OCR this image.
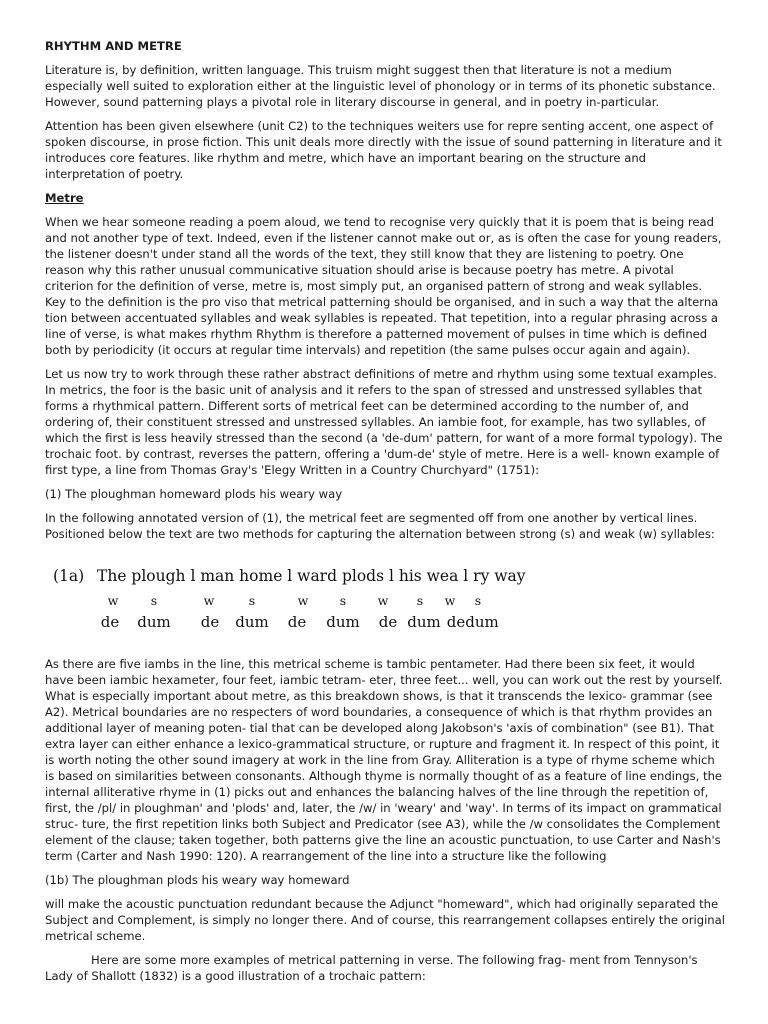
RHYTHM AND METRE

Literature is, by definition, written language. This truism might suggest then that literature is not a medium especially well suited to exploration either at the linguistic level of phonology or in terms of its phonetic substance. However, sound patterning plays a pivotal role in literary discourse in general, and in poetry in-particular.

Attention has been given elsewhere (unit C2) to the techniques weiters use for repre senting accent, one aspect of spoken discourse, in prose fiction. This unit deals more directly with the issue of sound patterning in literature and it introduces core features. like rhythm and metre, which have an important bearing on the structure and interpretation of poetry.

Metre

When we hear someone reading a poem aloud, we tend to recognise very quickly that it is poem that is being read and not another type of text. Indeed, even if the listener cannot make out or, as is often the case for young readers, the listener doesn't under stand all the words of the text, they still know that they are listening to poetry. One reason why this rather unusual communicative situation should arise is because poetry has metre. A pivotal criterion for the definition of verse, metre is, most simply put, an organised pattern of strong and weak syllables. Key to the definition is the pro viso that metrical patterning should be organised, and in such a way that the alterna tion between accentuated syllables and weak syllables is repeated. That tepetition, into a regular phrasing across a line of verse, is what makes rhythm Rhythm is therefore a patterned movement of pulses in time which is defined both by periodicity (it occurs at regular time intervals) and repetition (the same pulses occur again and again).

Let us now try to work through these rather abstract definitions of metre and rhythm using some textual examples. In metrics, the foor is the basic unit of analysis and it refers to the span of stressed and unstressed syllables that forms a rhythmical pattern. Different sorts of metrical feet can be determined according to the number of, and ordering of, their constituent stressed and unstressed syllables. An iambie foot, for example, has two syllables, of which the first is less heavily stressed than the second (a 'de-dum' pattern, for want of a more formal typology). The trochaic foot. by contrast, reverses the pattern, offering a 'dum-de' style of metre. Here is a well- known example of first type, a line from Thomas Gray's 'Elegy Written in a Country Churchyard" (1751):

(1) The ploughman homeward plods his weary way

In the following annotated version of (1), the metrical feet are segmented off from one another by vertical lines. Positioned below the text are two methods for capturing the alternation between strong (s) and weak (w) syllables:

(1a) The plough l man home l ward plods l his wea l ry way
w	s	w	s	w	s	w s w s
de dum de dum de dum de dum de dum

As there are five iambs in the line, this metrical scheme is tambic pentameter. Had there been six feet, it would have been iambic hexameter, four feet, iambic tetram- eter, three feet... well, you can work out the rest by yourself. What is especially important about metre, as this breakdown shows, is that it transcends the lexico- grammar (see A2). Metrical boundaries are no respecters of word boundaries, a consequence of which is that rhythm provides an additional layer of meaning poten- tial that can be developed along Jakobson's 'axis of combination" (see B1). That extra layer can either enhance a lexico-grammatical structure, or rupture and fragment it. In respect of this point, it is worth noting the other sound imagery at work in the line from Gray. Alliteration is a type of rhyme scheme which is based on similarities between consonants. Although thyme is normally thought of as a feature of line endings, the internal alliterative rhyme in (1) picks out and enhances the balancing halves of the line through the repetition of, first, the /pl/ in ploughman' and 'plods' and, later, the /w/ in 'weary' and 'way'. In terms of its impact on grammatical struc- ture, the first repetition links both Subject and Predicator (see A3), while the /w consolidates the Complement element of the clause; taken together, both patterns give the line an acoustic punctuation, to use Carter and Nash's term (Carter and Nash 1990: 120). A rearrangement of the line into a structure like the following

(1b) The ploughman plods his weary way homeward

will make the acoustic punctuation redundant because the Adjunct "homeward", which had originally separated the Subject and Complement, is simply no longer there. And of course, this rearrangement collapses entirely the original metrical scheme.

Here are some more examples of metrical patterning in verse. The following frag- ment from Tennyson's Lady of Shallott (1832) is a good illustration of a trochaic pattern:
